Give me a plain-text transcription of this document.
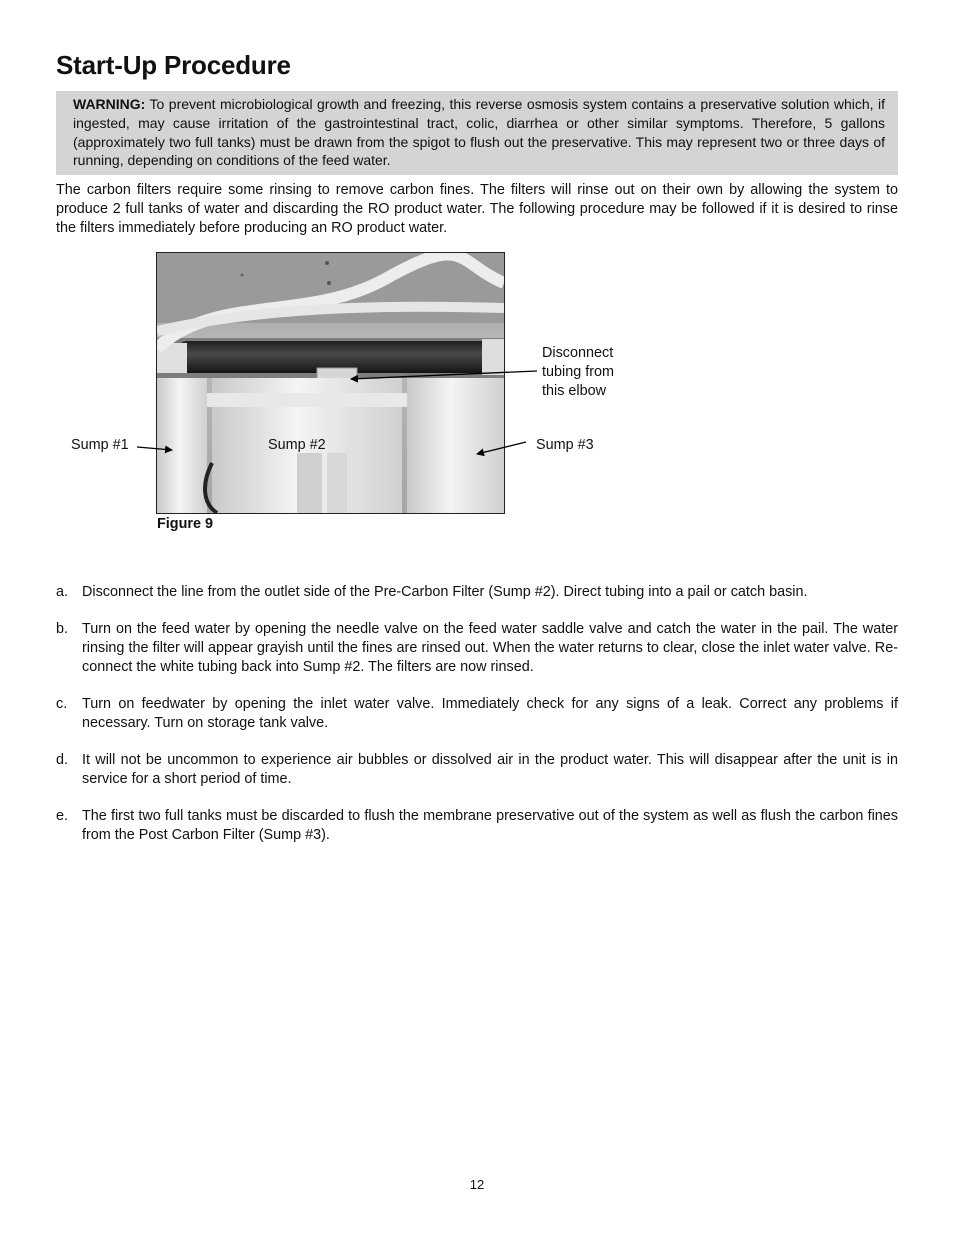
Start-Up Procedure
WARNING: To prevent microbiological growth and freezing, this reverse osmosis system contains a preservative solution which, if ingested, may cause irritation of the gastrointestinal tract, colic, diarrhea or other similar symptoms. Therefore, 5 gallons (approximately two full tanks) must be drawn from the spigot to flush out the preservative. This may represent two or three days of running, depending on conditions of the feed water.

The carbon filters require some rinsing to remove carbon fines. The filters will rinse out on their own by allowing the system to produce 2 full tanks of water and discarding the RO product water. The following procedure may be followed if it is desired to rinse the filters immediately before producing an RO product water.

Sump #1	Sump #2	Sump #3
Disconnect
tubing from
this elbow
Figure 9
a. Disconnect the line from the outlet side of the Pre-Carbon Filter (Sump #2). Direct tubing into a pail or catch basin.
b. Turn on the feed water by opening the needle valve on the feed water saddle valve and catch the water in the pail. The water rinsing the filter will appear grayish until the fines are rinsed out. When the water returns to clear, close the inlet water valve. Re-connect the white tubing back into Sump #2. The filters are now rinsed.
c.	Turn on feedwater by opening the inlet water valve. Immediately check for any signs of a leak. Correct any problems if necessary. Turn on storage tank valve.
d. It will not be uncommon to experience air bubbles or dissolved air in the product water. This will disappear after the unit is in service for a short period of time.
e. The first two full tanks must be discarded to flush the membrane preservative out of the system as well as flush the carbon fines from the Post Carbon Filter (Sump #3).
12
